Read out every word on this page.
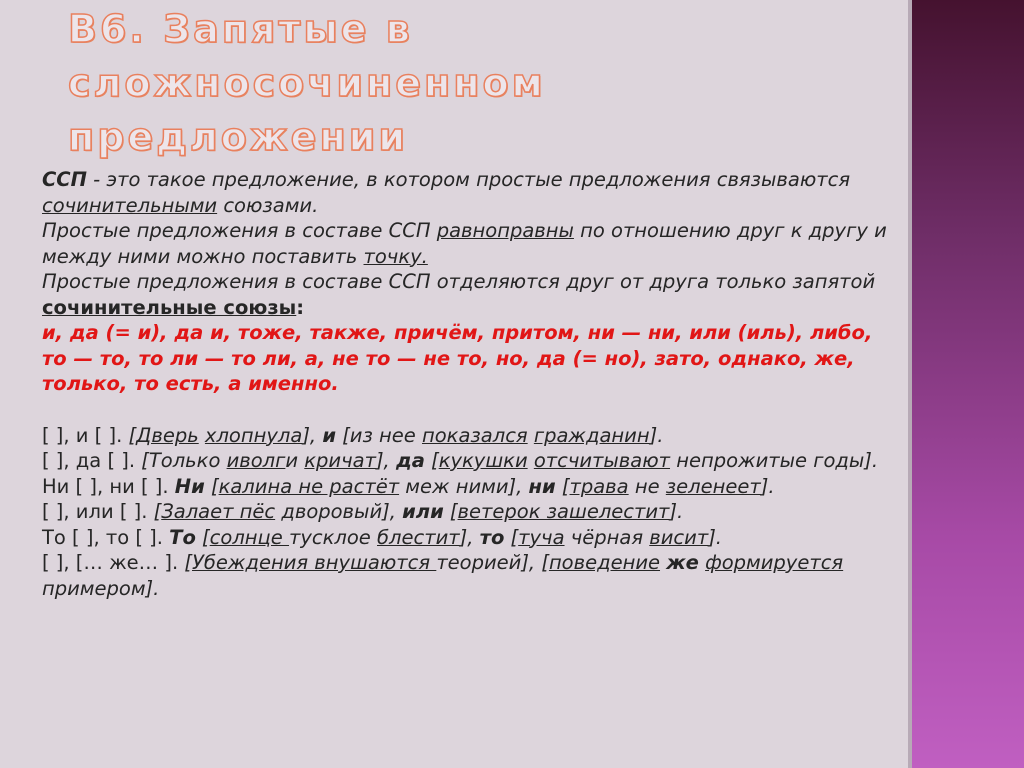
В6. Запятые в
сложносочиненном
предложении

ССП - это такое предложение, в котором простые предложения связываются сочинительными союзами.

Простые предложения в составе ССП равноправны по отношению друг к другу и между ними можно поставить точку.

Простые предложения в составе ССП отделяются друг от друга только запятой сочинительные союзы:

и, да (= и), да и, тоже, также, причём, притом, ни — ни, или (иль), либо, то — то, то ли — то ли, а, не то — не то, но, да (= но), зато, однако, же, только, то есть, а именно.

[ ], и [ ]. [Дверь хлопнула], и [из нее показался гражданин].

[ ], да [ ]. [Только иволги кричат], да [кукушки отсчитывают непрожитые годы].

Ни [ ], ни [ ]. Ни [калина не растёт меж ними], ни [трава не зеленеет].

[ ], или [ ]. [Залает пёс дворовый], или [ветерок зашелестит].

То [ ], то [ ]. То [солнце тусклое блестит], то [туча чёрная висит].

[ ], [… же… ]. [Убеждения внушаются теорией], [поведение же формируется примером].
